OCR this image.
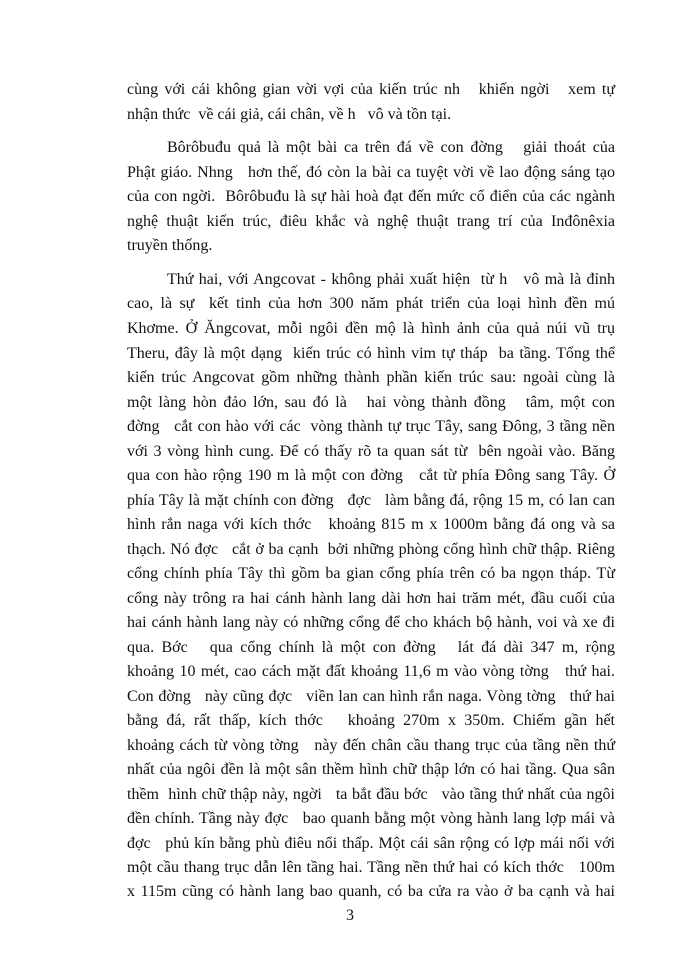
cùng với cái không gian vời vợi của kiến trúc nh   khiến ngời   xem tự
nhận thức  về cái giả, cái chân, về h   vô và tồn tại.
Bôrôbuđu quả là một bài ca trên đá về con đờng   giải thoát của
Phật giáo. Nhng   hơn thế, đó còn la bài ca tuyệt vời về lao động sáng tạo
của con ngời.  Bôrôbuđu là sự hài hoà đạt đến mức cổ điển của các ngành
nghệ thuật kiến trúc, điêu khắc và nghệ thuật trang trí của Inđônêxia
truyền thống.
Thứ hai, với Angcovat - không phải xuất hiện  từ h   vô mà là đỉnh
cao, là sự  kết tinh của hơn 300 năm phát triển của loại hình đền mú
Khơme. Ở Ăngcovat, mỗi ngôi đền mộ là hình ảnh của quả núi vũ trụ
Theru, đây là một dạng  kiến trúc có hình vim tự tháp  ba tầng. Tổng thể
kiến trúc Angcovat gồm những thành phần kiến trúc sau: ngoài cùng là
một làng hòn đảo lớn, sau đó là   hai vòng thành đồng   tâm, một con
đờng   cắt con hào với các  vòng thành tự trục Tây, sang Đông, 3 tầng nền
với 3 vòng hình cung. Để có thấy rõ ta quan sát từ  bên ngoài vào. Băng
qua con hào rộng 190 m là một con đờng   cắt từ phía Đông sang Tây. Ở
phía Tây là mặt chính con đờng   đợc   làm bằng đá, rộng 15 m, có lan can
hình rắn naga với kích thớc   khoảng 815 m x 1000m bằng đá ong và sa
thạch. Nó đợc   cắt ở ba cạnh  bởi những phòng cổng hình chữ thập. Riêng
cổng chính phía Tây thì gồm ba gian cổng phía trên có ba ngọn tháp. Từ
cổng này trông ra hai cánh hành lang dài hơn hai trăm mét, đầu cuối của
hai cánh hành lang này có những cổng để cho khách bộ hành, voi và xe đi
qua. Bớc   qua cổng chính là một con đờng   lát đá dài 347 m, rộng
khoảng 10 mét, cao cách mặt đất khoảng 11,6 m vào vòng tờng   thứ hai.
Con đờng   này cũng đợc   viền lan can hình rắn naga. Vòng tờng   thứ hai
bằng đá, rất thấp, kích thớc   khoảng 270m x 350m. Chiếm gần hết
khoảng cách từ vòng tờng   này đến chân cầu thang trục của tầng nền thứ
nhất của ngôi đền là một sân thềm hình chữ thập lớn có hai tầng. Qua sân
thềm  hình chữ thập này, ngời   ta bắt đầu bớc   vào tầng thứ nhất của ngôi
đền chính. Tầng này đợc   bao quanh bằng một vòng hành lang lợp mái và
đợc   phủ kín bằng phù điêu nổi thấp. Một cái sân rộng có lợp mái nối với
một cầu thang trục dẫn lên tầng hai. Tầng nền thứ hai có kích thớc   100m
3
x 115m cũng có hành lang bao quanh, có ba cửa ra vào ở ba cạnh và hai
